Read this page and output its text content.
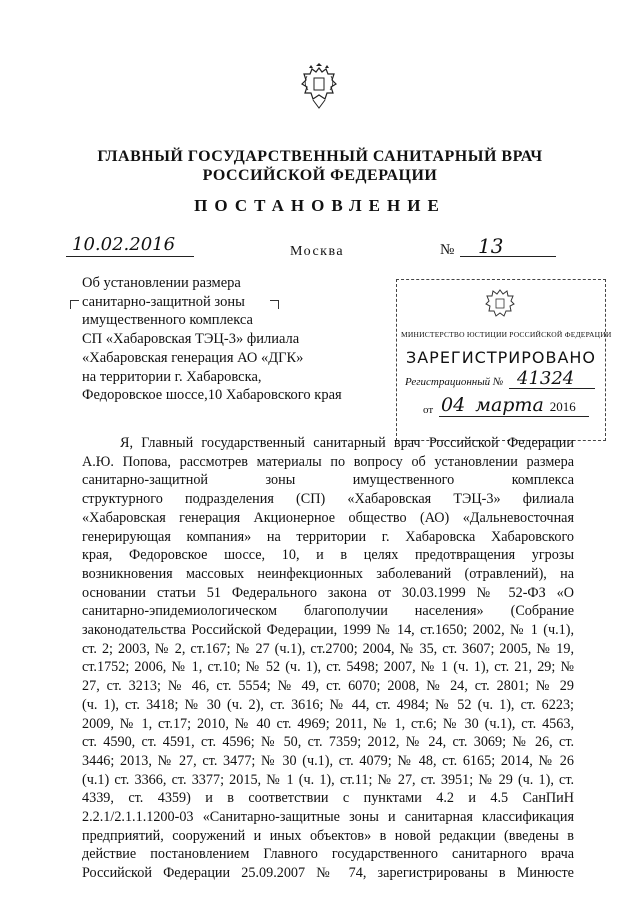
ГЛАВНЫЙ ГОСУДАРСТВЕННЫЙ САНИТАРНЫЙ ВРАЧ
РОССИЙСКОЙ ФЕДЕРАЦИИ
ПОСТАНОВЛЕНИЕ
10.02.2016	Москва	№	13
Об установлении размера
санитарно-защитной зоны
имущественного комплекса
СП «Хабаровская ТЭЦ-3» филиала
«Хабаровская генерация АО «ДГК»
на территории г. Хабаровска,
Федоровское шоссе,10 Хабаровского края
МИНИСТЕРСТВО ЮСТИЦИИ РОССИЙСКОЙ ФЕДЕРАЦИИ
ЗАРЕГИСТРИРОВАНО
Регистрационный № 41324
от 04 марта 2016

Я, Главный государственный санитарный врач Российской Федерации

А.Ю. Попова, рассмотрев материалы по вопросу об установлении размера

санитарно-защитной зоны имущественного комплекса

структурного подразделения (СП) «Хабаровская ТЭЦ-3» филиала

«Хабаровская генерация Акционерное общество (АО) «Дальневосточная

генерирующая компания» на территории г. Хабаровска Хабаровского

края, Федоровское шоссе, 10, и в целях предотвращения угрозы

возникновения массовых неинфекционных заболеваний (отравлений), на

основании статьи 51 Федерального закона от 30.03.1999 № 52-ФЗ «О

санитарно-эпидемиологическом благополучии населения» (Собрание

законодательства Российской Федерации, 1999 № 14, ст.1650; 2002, № 1 (ч.1),

ст. 2; 2003, № 2, ст.167; № 27 (ч.1), ст.2700; 2004, № 35, ст. 3607; 2005, № 19,

ст.1752; 2006, № 1, ст.10; № 52 (ч. 1), ст. 5498; 2007, № 1 (ч. 1), ст. 21, 29; №

27, ст. 3213; № 46, ст. 5554; № 49, ст. 6070; 2008, № 24, ст. 2801; № 29

(ч. 1), ст. 3418; № 30 (ч. 2), ст. 3616; № 44, ст. 4984; № 52 (ч. 1), ст. 6223;

2009, № 1, ст.17; 2010, № 40 ст. 4969; 2011, № 1, ст.6; № 30 (ч.1), ст. 4563,

ст. 4590, ст. 4591, ст. 4596; № 50, ст. 7359; 2012, № 24, ст. 3069; № 26, ст.

3446; 2013, № 27, ст. 3477; № 30 (ч.1), ст. 4079; № 48, ст. 6165; 2014, № 26

(ч.1) ст. 3366, ст. 3377; 2015, № 1 (ч. 1), ст.11; № 27, ст. 3951; № 29 (ч. 1), ст.

4339, ст. 4359) и в соответствии с пунктами 4.2 и 4.5 СанПиН

2.2.1/2.1.1.1200-03 «Санитарно-защитные зоны и санитарная классификация

предприятий, сооружений и иных объектов» в новой редакции (введены в

действие постановлением Главного государственного санитарного врача

Российской Федерации 25.09.2007 № 74, зарегистрированы в Минюсте
